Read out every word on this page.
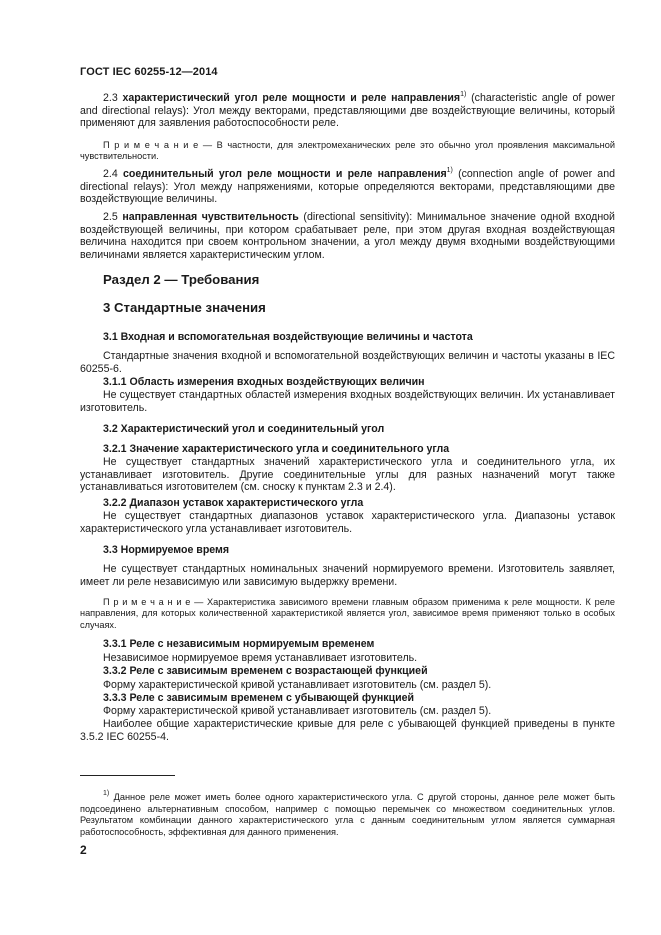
ГОСТ IEC 60255-12—2014

2.3 характеристический угол реле мощности и реле направления$^{1)}$ (characteristic angle of power and directional relays): Угол между векторами, представляющими две воздействующие величины, который применяют для заявления работоспособности реле.

П р и м е ч а н и е — В частности, для электромеханических реле это обычно угол проявления максимальной чувствительности.

2.4 соединительный угол реле мощности и реле направления$^{1)}$ (connection angle of power and directional relays): Угол между напряжениями, которые определяются векторами, представляющими две воздействующие величины.

2.5 направленная чувствительность (directional sensitivity): Минимальное значение одной входной воздействующей величины, при котором срабатывает реле, при этом другая входная воздействующая величина находится при своем контрольном значении, а угол между двумя входными воздействующими величинами является характеристическим углом.

Раздел 2 — Требования

3 Стандартные значения

3.1 Входная и вспомогательная воздействующие величины и частота

Стандартные значения входной и вспомогательной воздействующих величин и частоты указаны в IEC 60255-6.

3.1.1 Область измерения входных воздействующих величин

Не существует стандартных областей измерения входных воздействующих величин. Их устанавливает изготовитель.

3.2 Характеристический угол и соединительный угол

3.2.1 Значение характеристического угла и соединительного угла

Не существует стандартных значений характеристического угла и соединительного угла, их устанавливает изготовитель. Другие соединительные углы для разных назначений могут также устанавливаться изготовителем (см. сноску к пунктам 2.3 и 2.4).

3.2.2 Диапазон уставок характеристического угла

Не существует стандартных диапазонов уставок характеристического угла. Диапазоны уставок характеристического угла устанавливает изготовитель.

3.3 Нормируемое время

Не существует стандартных номинальных значений нормируемого времени. Изготовитель заявляет, имеет ли реле независимую или зависимую выдержку времени.

П р и м е ч а н и е — Характеристика зависимого времени главным образом применима к реле мощности. К реле направления, для которых количественной характеристикой является угол, зависимое время применяют только в особых случаях.

3.3.1 Реле с независимым нормируемым временем

Независимое нормируемое время устанавливает изготовитель.

3.3.2 Реле с зависимым временем с возрастающей функцией

Форму характеристической кривой устанавливает изготовитель (см. раздел 5).

3.3.3 Реле с зависимым временем с убывающей функцией

Форму характеристической кривой устанавливает изготовитель (см. раздел 5).

Наиболее общие характеристические кривые для реле с убывающей функцией приведены в пункте 3.5.2 IEC 60255-4.

$^{1)}$ Данное реле может иметь более одного характеристического угла. С другой стороны, данное реле может быть подсоединено альтернативным способом, например с помощью перемычек со множеством соединительных углов. Результатом комбинации данного характеристического угла с данным соединительным углом является суммарная работоспособность, эффективная для данного применения.

2
